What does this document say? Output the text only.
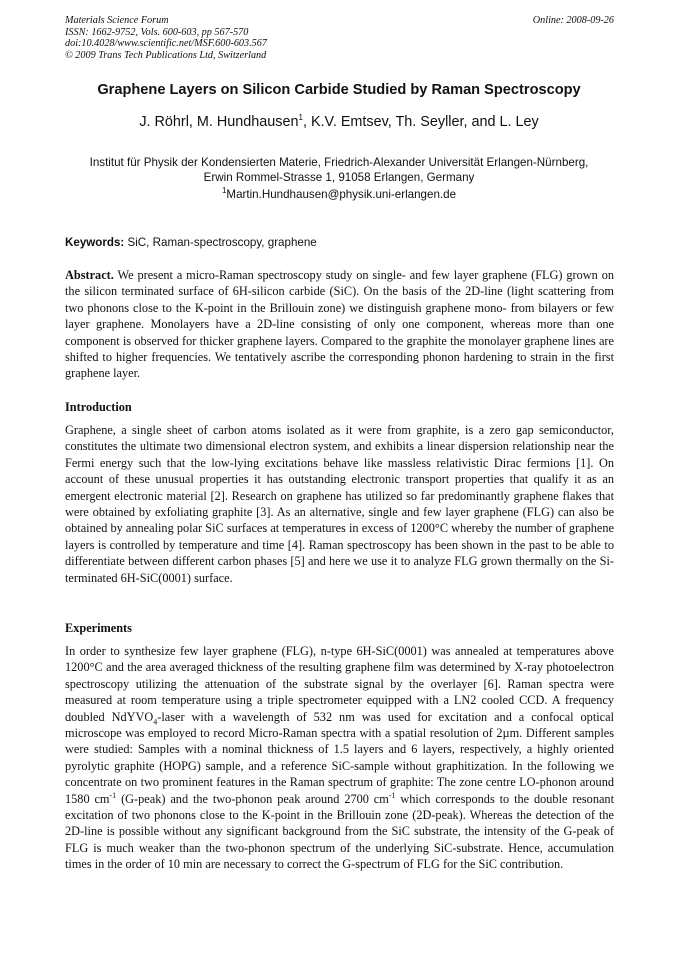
Materials Science Forum
ISSN: 1662-9752, Vols. 600-603, pp 567-570
doi:10.4028/www.scientific.net/MSF.600-603.567
© 2009 Trans Tech Publications Ltd, Switzerland
Online: 2008-09-26
Graphene Layers on Silicon Carbide Studied by Raman Spectroscopy
J. Röhrl, M. Hundhausen$^1$, K.V. Emtsev, Th. Seyller, and L. Ley
Institut für Physik der Kondensierten Materie, Friedrich-Alexander Universität Erlangen-Nürnberg,
Erwin Rommel-Strasse 1, 91058 Erlangen, Germany
$^1$Martin.Hundhausen@physik.uni-erlangen.de
Keywords: SiC, Raman-spectroscopy, graphene
Abstract. We present a micro-Raman spectroscopy study on single- and few layer graphene (FLG) grown on the silicon terminated surface of 6H-silicon carbide (SiC). On the basis of the 2D-line (light scattering from two phonons close to the K-point in the Brillouin zone) we distinguish graphene mono- from bilayers or few layer graphene. Monolayers have a 2D-line consisting of only one component, whereas more than one component is observed for thicker graphene layers. Compared to the graphite the monolayer graphene lines are shifted to higher frequencies. We tentatively ascribe the corresponding phonon hardening to strain in the first graphene layer.
Introduction
Graphene, a single sheet of carbon atoms isolated as it were from graphite, is a zero gap semiconductor, constitutes the ultimate two dimensional electron system, and exhibits a linear dispersion relationship near the Fermi energy such that the low-lying excitations behave like massless relativistic Dirac fermions [1]. On account of these unusual properties it has outstanding electronic transport properties that qualify it as an emergent electronic material [2]. Research on graphene has utilized so far predominantly graphene flakes that were obtained by exfoliating graphite [3]. As an alternative, single and few layer graphene (FLG) can also be obtained by annealing polar SiC surfaces at temperatures in excess of 1200°C whereby the number of graphene layers is controlled by temperature and time [4]. Raman spectroscopy has been shown in the past to be able to differentiate between different carbon phases [5] and here we use it to analyze FLG grown thermally on the Si-terminated 6H-SiC(0001) surface.
Experiments
In order to synthesize few layer graphene (FLG), n-type 6H-SiC(0001) was annealed at temperatures above 1200°C and the area averaged thickness of the resulting graphene film was determined by X-ray photoelectron spectroscopy utilizing the attenuation of the substrate signal by the overlayer [6]. Raman spectra were measured at room temperature using a triple spectrometer equipped with a LN2 cooled CCD. A frequency doubled NdYVO$_4$-laser with a wavelength of 532 nm was used for excitation and a confocal optical microscope was employed to record Micro-Raman spectra with a spatial resolution of 2µm. Different samples were studied: Samples with a nominal thickness of 1.5 layers and 6 layers, respectively, a highly oriented pyrolytic graphite (HOPG) sample, and a reference SiC-sample without graphitization. In the following we concentrate on two prominent features in the Raman spectrum of graphite: The zone centre LO-phonon around 1580 $cm^{-1}$ (G-peak) and the two-phonon peak around 2700 $cm^{-1}$ which corresponds to the double resonant excitation of two phonons close to the K-point in the Brillouin zone (2D-peak). Whereas the detection of the 2D-line is possible without any significant background from the SiC substrate, the intensity of the G-peak of FLG is much weaker than the two-phonon spectrum of the underlying SiC-substrate. Hence, accumulation times in the order of 10 min are necessary to correct the G-spectrum of FLG for the SiC contribution.
